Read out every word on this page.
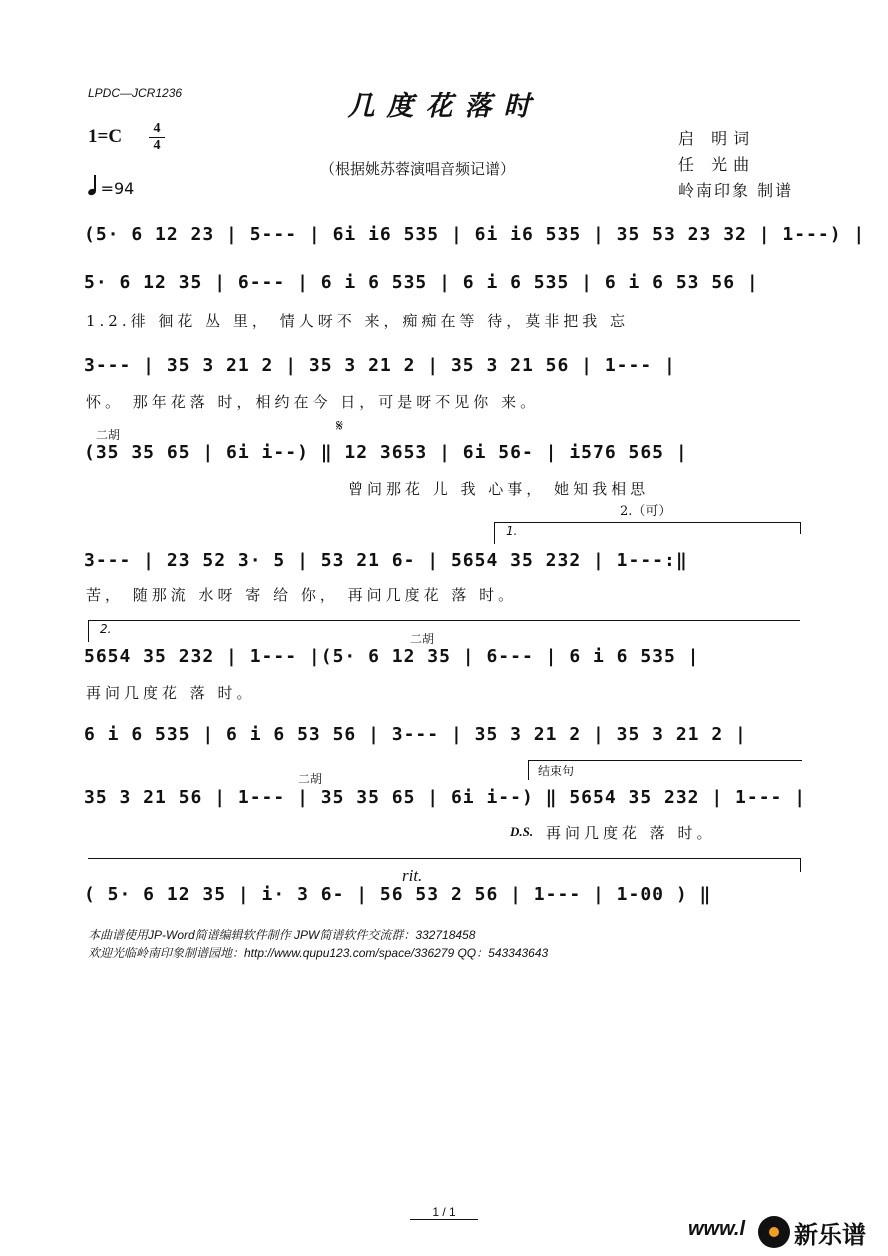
LPDC—JCR1236	几度花落时
1=C	4
4
（根据姚苏蓉演唱音频记谱）
=94
启 明词
任 光曲
岭南印象 制谱
(5· 6 12 23 | 5--- | 6i i6 535 | 6i i6 535 | 35 53 23 32 | 1---) |
5· 6 12 35 | 6--- | 6 i 6 535 | 6 i 6 535 | 6 i 6 53 56 |
1.2.徘 徊花 丛 里， 情人呀不 来，痴痴在等 待，莫非把我 忘
3--- | 35 3 21 2 | 35 3 21 2 | 35 3 21 56 | 1--- |
怀。 那年花落 时，相约在今 日，可是呀不见你 来。
二胡	𝄋
(35 35 65 | 6i i--) ‖ 12 3653 | 6i 56- | i576 565 |
曾问那花 儿 我 心事， 她知我相思
2.（可）
1.
3--- | 23 52 3· 5 | 53 21 6- | 5654 35 232 | 1---:‖
苦， 随那流 水呀 寄 给 你， 再问几度花 落 时。
2.
二胡
5654 35 232 | 1--- |(5· 6 12 35 | 6--- | 6 i 6 535 |
再问几度花 落 时。
6 i 6 535 | 6 i 6 53 56 | 3--- | 35 3 21 2 | 35 3 21 2 |
结束句
二胡
35 3 21 56 | 1--- | 35 35 65 | 6i i--) ‖ 5654 35 232 | 1--- |
D.S. 再问几度花 落 时。
rit.
( 5· 6 12 35 | i· 3 6- | 56 53 2 56 | 1--- | 1-00 ) ‖
本曲谱使用JP-Word简谱编辑软件制作 JPW简谱软件交流群：332718458
欢迎光临岭南印象制谱园地：http://www.qupu123.com/space/336279 QQ：543343643
1 / 1
www.l 新乐谱
